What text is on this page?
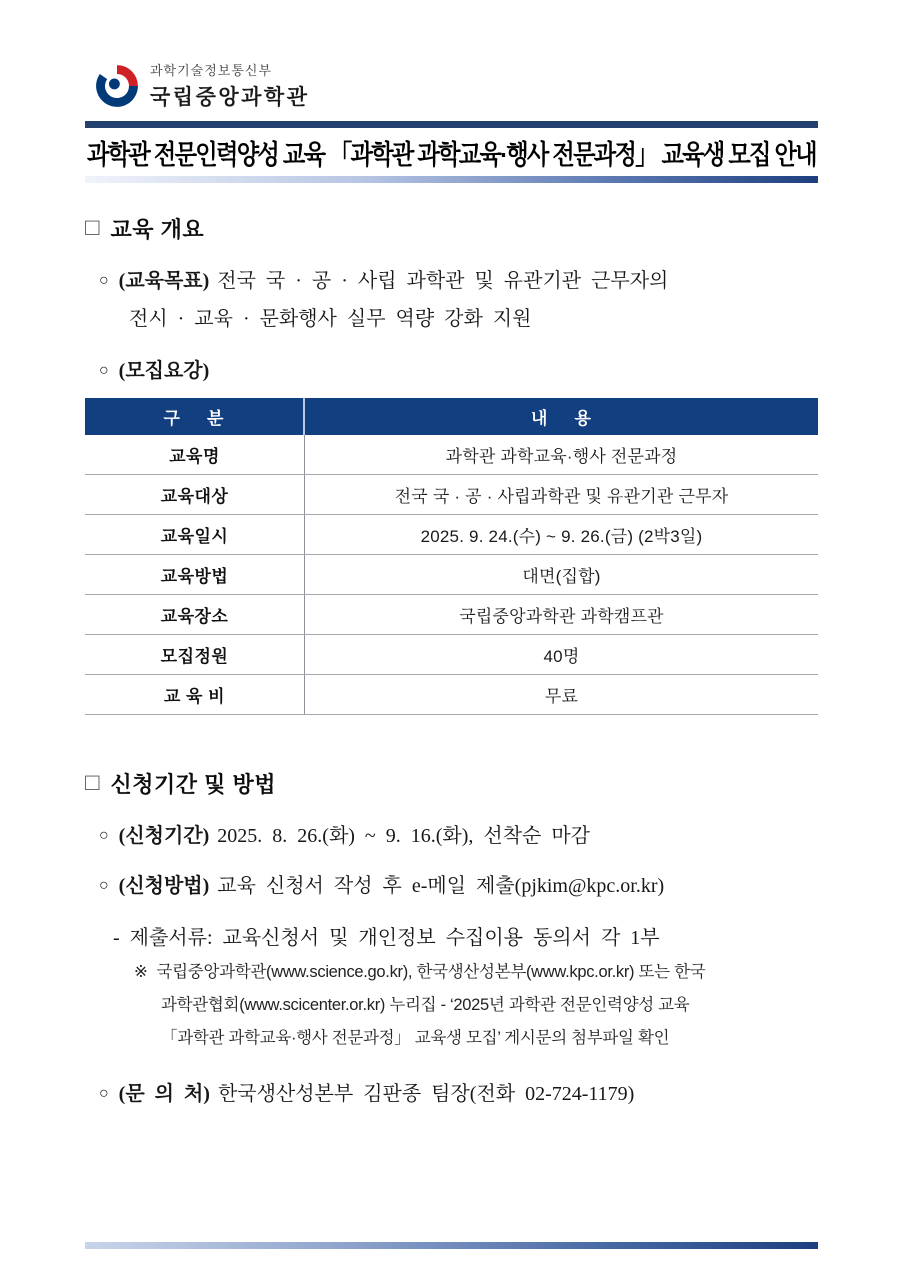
과학기술정보통신부
국립중앙과학관
과학관 전문인력양성 교육 「과학관 과학교육·행사 전문과정」 교육생 모집 안내
□ 교육 개요
○ (교육목표) 전국 국 · 공 · 사립 과학관 및 유관기관 근무자의
전시 · 교육 · 문화행사 실무 역량 강화 지원
○ (모집요강)
구 분	내 용
교육명	과학관 과학교육·행사 전문과정
교육대상	전국 국 · 공 · 사립과학관 및 유관기관 근무자
교육일시	2025. 9. 24.(수) ~ 9. 26.(금) (2박3일)
교육방법	대면(집합)
교육장소	국립중앙과학관 과학캠프관
모집정원	40명
교 육 비	무료
□ 신청기간 및 방법
○ (신청기간) 2025. 8. 26.(화) ~ 9. 16.(화), 선착순 마감
○ (신청방법) 교육 신청서 작성 후 e-메일 제출(pjkim@kpc.or.kr)
- 제출서류: 교육신청서 및 개인정보 수집이용 동의서 각 1부
※ 국립중앙과학관(www.science.go.kr), 한국생산성본부(www.kpc.or.kr) 또는 한국
과학관협회(www.scicenter.or.kr) 누리집 - ‘2025년 과학관 전문인력양성 교육
「과학관 과학교육·행사 전문과정」 교육생 모집’ 게시문의 첨부파일 확인
○ (문 의 처) 한국생산성본부 김판종 팀장(전화 02-724-1179)
